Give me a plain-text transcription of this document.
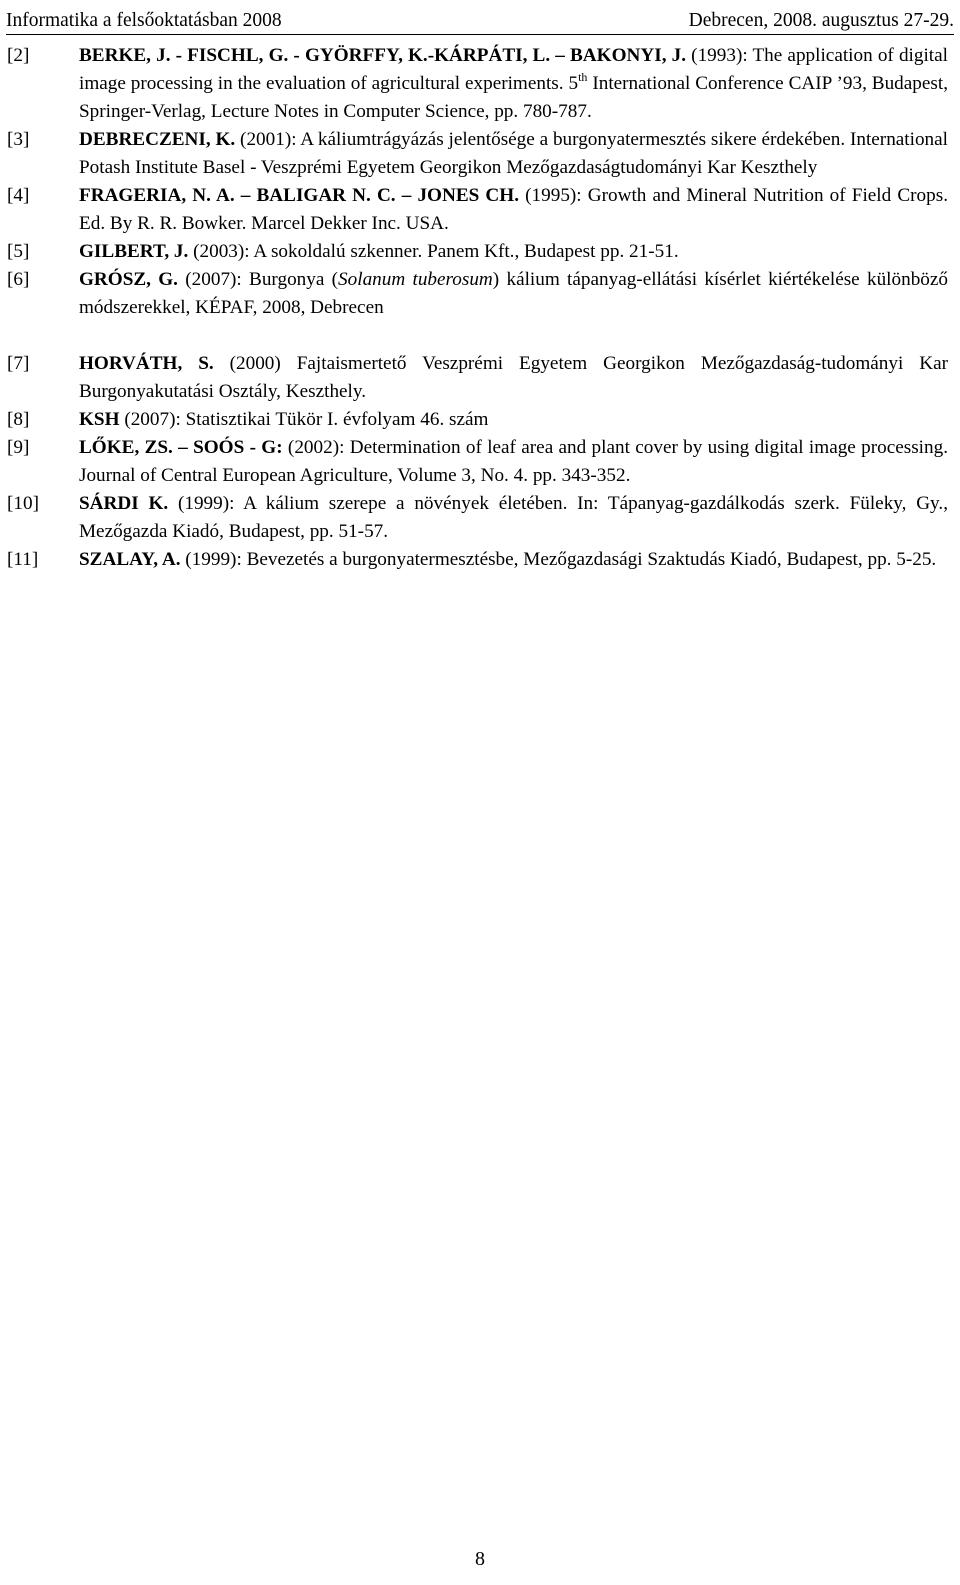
Informatika a felsőoktatásban 2008	Debrecen, 2008. augusztus 27-29.
[2]	BERKE, J. - FISCHL, G. - GYÖRFFY, K.-KÁRPÁTI, L. – BAKONYI, J. (1993): The application of digital image processing in the evaluation of agricultural experiments. 5th International Conference CAIP ’93, Budapest, Springer-Verlag, Lecture Notes in Computer Science, pp. 780-787.
[3]	DEBRECZENI, K. (2001): A káliumtrágyázás jelentősége a burgonyatermesztés sikere érdekében. International Potash Institute Basel - Veszprémi Egyetem Georgikon Mezőgazdaságtudományi Kar Keszthely
[4]	FRAGERIA, N. A. – BALIGAR N. C. – JONES CH. (1995): Growth and Mineral Nutrition of Field Crops. Ed. By R. R. Bowker. Marcel Dekker Inc. USA.
[5]	GILBERT, J. (2003): A sokoldalú szkenner. Panem Kft., Budapest pp. 21-51.
[6]	GRÓSZ, G. (2007): Burgonya (Solanum tuberosum) kálium tápanyag-ellátási kísérlet kiértékelése különböző módszerekkel, KÉPAF, 2008, Debrecen
[7]	HORVÁTH, S. (2000) Fajtaismertető Veszprémi Egyetem Georgikon Mezőgazdaság-tudományi Kar Burgonyakutatási Osztály, Keszthely.
[8]	KSH (2007): Statisztikai Tükör I. évfolyam 46. szám
[9]	LŐKE, ZS. – SOÓS - G: (2002): Determination of leaf area and plant cover by using digital image processing. Journal of Central European Agriculture, Volume 3, No. 4. pp. 343-352.
[10]	SÁRDI K. (1999): A kálium szerepe a növények életében. In: Tápanyag-gazdálkodás szerk. Füleky, Gy., Mezőgazda Kiadó, Budapest, pp. 51-57.
[11]	SZALAY, A. (1999): Bevezetés a burgonyatermesztésbe, Mezőgazdasági Szaktudás Kiadó, Budapest, pp. 5-25.
8
